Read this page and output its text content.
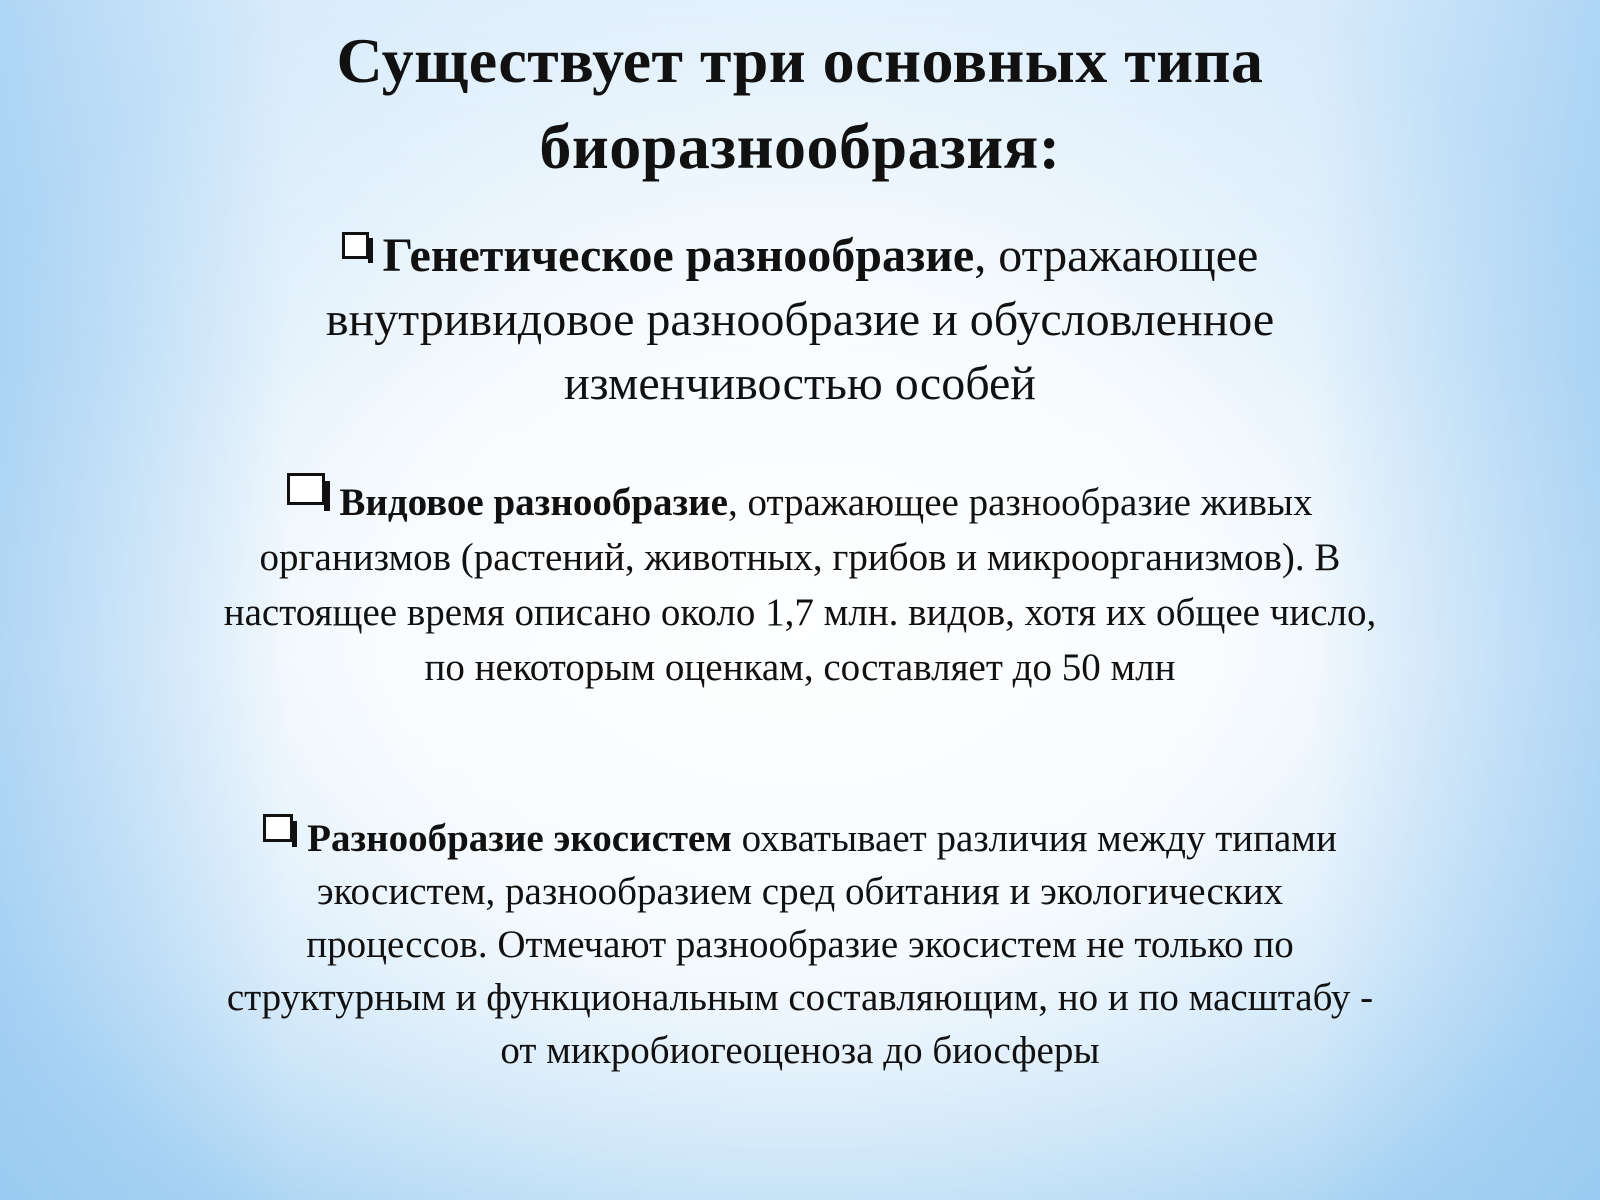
Существует три основных типа
биоразнообразия:

Генетическое разнообразие, отражающее
внутривидовое разнообразие и обусловленное
изменчивостью особей

Видовое разнообразие, отражающее разнообразие живых
организмов (растений, животных, грибов и микроорганизмов). В
настоящее время описано около 1,7 млн. видов, хотя их общее число,
по некоторым оценкам, составляет до 50 млн

Разнообразие экосистем охватывает различия между типами
экосистем, разнообразием сред обитания и экологических
процессов. Отмечают разнообразие экосистем не только по
структурным и функциональным составляющим, но и по масштабу -
от микробиогеоценоза до биосферы
